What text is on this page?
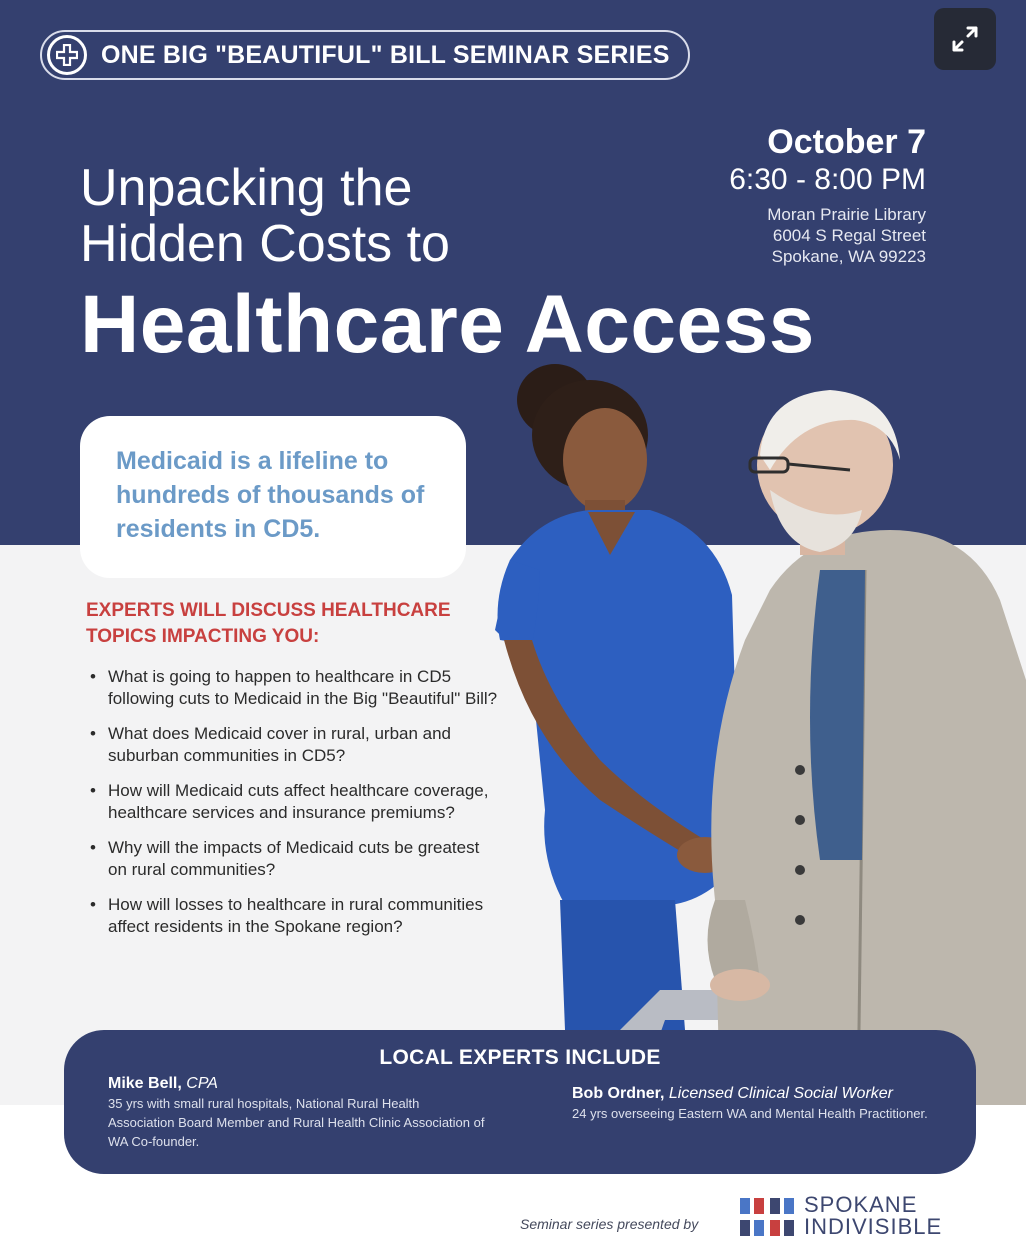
ONE BIG "BEAUTIFUL" BILL SEMINAR SERIES
Unpacking the
Hidden Costs to
October 7
6:30 - 8:00 PM
Moran Prairie Library
6004 S Regal Street
Spokane, WA 99223
Healthcare Access
Medicaid is a lifeline to hundreds of thousands of residents in CD5.
EXPERTS WILL DISCUSS HEALTHCARE TOPICS IMPACTING YOU:
• What is going to happen to healthcare in CD5 following cuts to Medicaid in the Big "Beautiful" Bill?
• What does Medicaid cover in rural, urban and suburban communities in CD5?
• How will Medicaid cuts affect healthcare coverage, healthcare services and insurance premiums?
• Why will the impacts of Medicaid cuts be greatest on rural communities?
• How will losses to healthcare in rural communities affect residents in the Spokane region?
LOCAL EXPERTS INCLUDE
Mike Bell, CPA
35 yrs with small rural hospitals, National Rural Health Association Board Member and Rural Health Clinic Association of WA Co-founder.
Bob Ordner, Licensed Clinical Social Worker
24 yrs overseeing Eastern WA and Mental Health Practitioner.
Seminar series presented by
SPOKANE
INDIVISIBLE
